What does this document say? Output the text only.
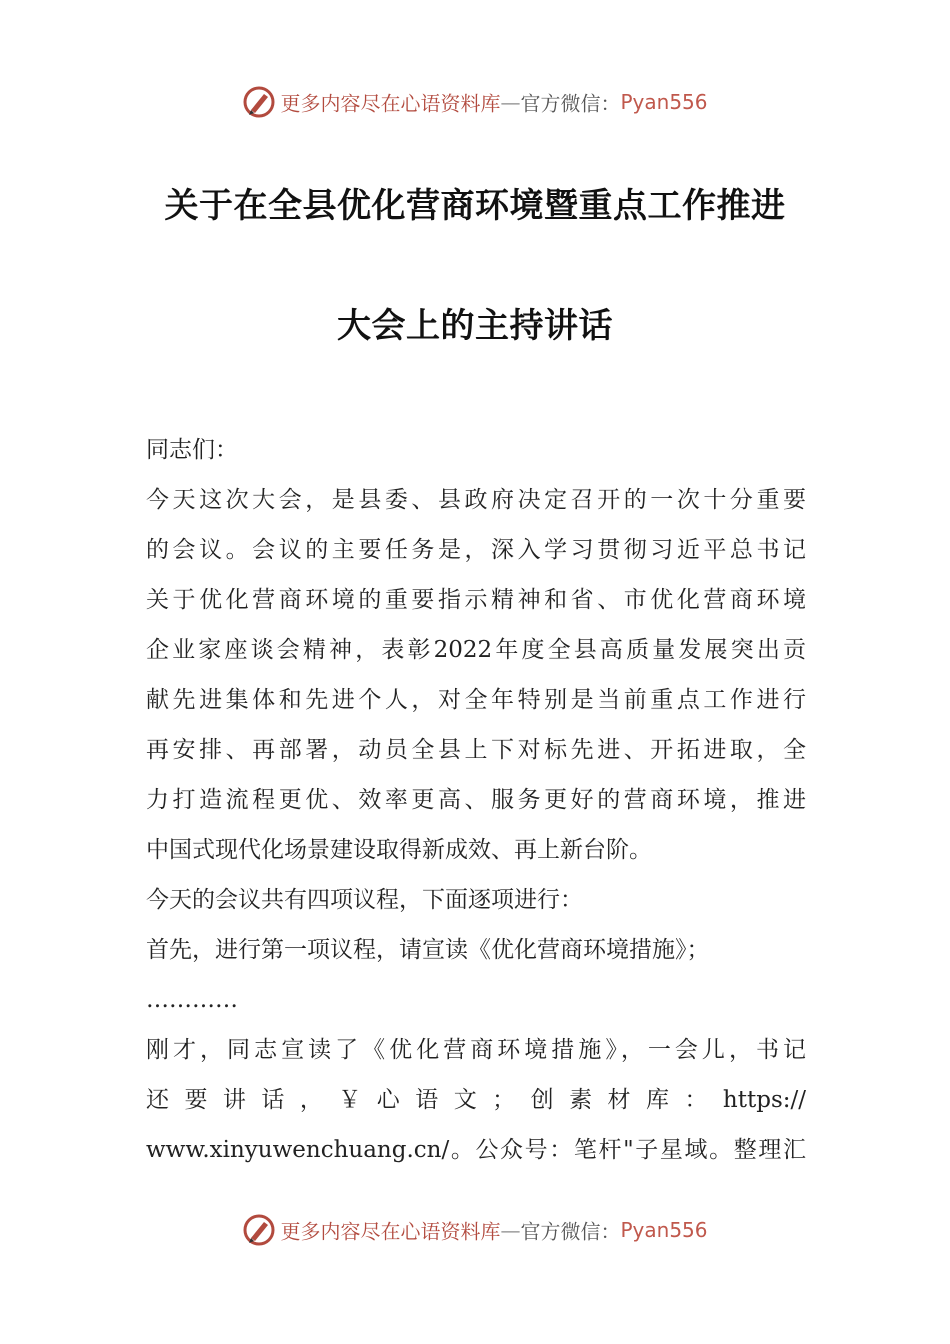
更多内容尽在心语资料库—官方微信：Pyan556
关于在全县优化营商环境暨重点工作推进
大会上的主持讲话

同志们：

今天这次大会，是县委、县政府决定召开的一次十分重要

的会议。会议的主要任务是，深入学习贯彻习近平总书记

关于优化营商环境的重要指示精神和省、市优化营商环境

企业家座谈会精神，表彰2022年度全县高质量发展突出贡

献先进集体和先进个人，对全年特别是当前重点工作进行

再安排、再部署，动员全县上下对标先进、开拓进取，全

力打造流程更优、效率更高、服务更好的营商环境，推进

中国式现代化场景建设取得新成效、再上新台阶。

今天的会议共有四项议程，下面逐项进行：

首先，进行第一项议程，请宣读《优化营商环境措施》；

…………

刚才，同志宣读了《优化营商环境措施》，一会儿，书记

还要讲话，￥心语文；创素材库：https://

www.xinyuwenchuang.cn/。公众号：笔杆"子星域。整理汇

更多内容尽在心语资料库—官方微信：Pyan556
